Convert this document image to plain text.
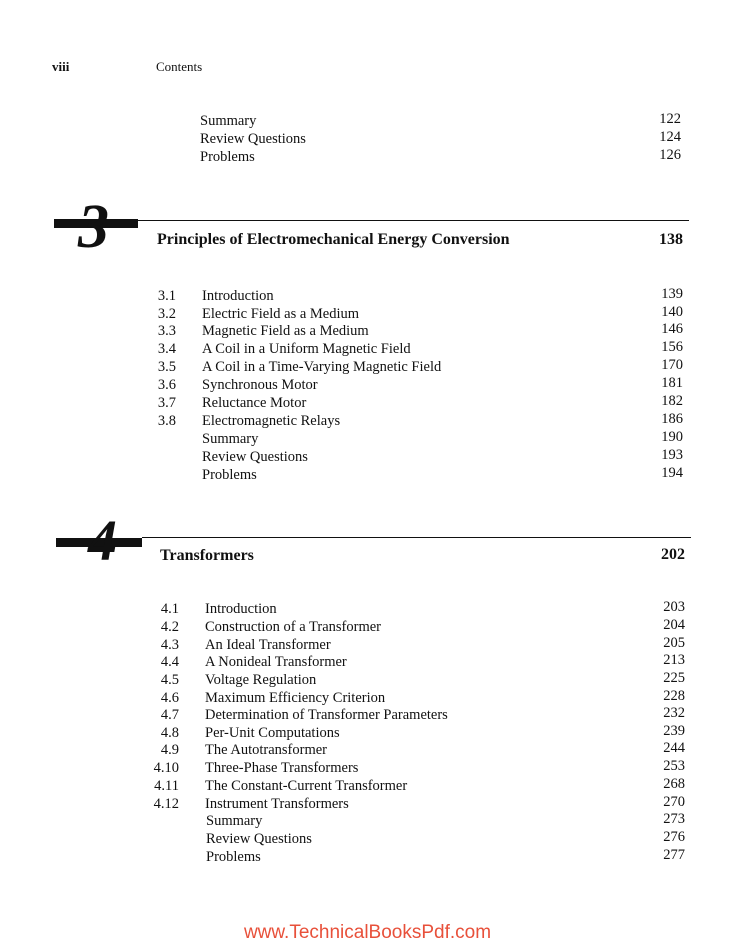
viii	Contents
Summary	122
Review Questions	124
Problems	126
3	Principles of Electromechanical Energy Conversion	138
3.1 Introduction	139
3.2 Electric Field as a Medium	140
3.3 Magnetic Field as a Medium	146
3.4 A Coil in a Uniform Magnetic Field	156
3.5 A Coil in a Time-Varying Magnetic Field	170
3.6 Synchronous Motor	181
3.7 Reluctance Motor	182
3.8 Electromagnetic Relays	186
Summary	190
Review Questions	193
Problems	194
4	Transformers	202
4.1 Introduction	203
4.2 Construction of a Transformer	204
4.3 An Ideal Transformer	205
4.4 A Nonideal Transformer	213
4.5 Voltage Regulation	225
4.6 Maximum Efficiency Criterion	228
4.7 Determination of Transformer Parameters	232
4.8 Per-Unit Computations	239
4.9 The Autotransformer	244
4.10 Three-Phase Transformers	253
4.11 The Constant-Current Transformer	268
4.12 Instrument Transformers	270
Summary	273
Review Questions	276
Problems	277
www.TechnicalBooksPdf.com
